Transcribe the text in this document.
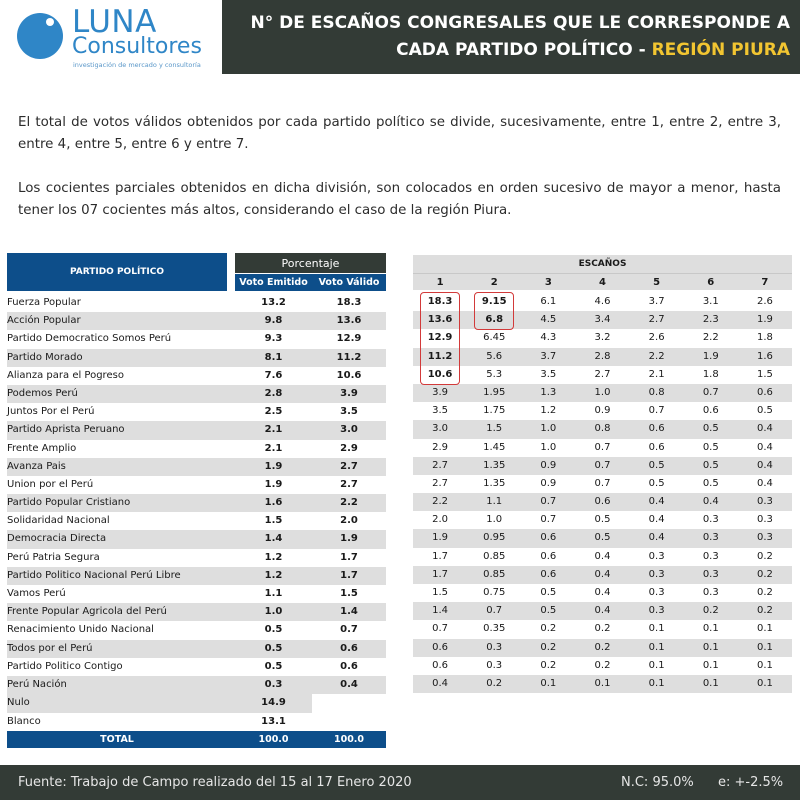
LUNA
Consultores
investigación de mercado y consultoría
N° DE ESCAÑOS CONGRESALES QUE LE CORRESPONDE A
CADA PARTIDO POLÍTICO - REGIÓN PIURA

El total de votos válidos obtenidos por cada partido político se divide, sucesivamente, entre 1, entre 2, entre 3, entre 4, entre 5, entre 6 y entre 7.

Los cocientes parciales obtenidos en dicha división, son colocados en orden sucesivo de mayor a menor, hasta tener los 07 cocientes más altos, considerando el caso de la región Piura.

PARTIDO POLÍTICO
Porcentaje
Voto Emitido	Voto Válido
Fuerza Popular	13.2	18.3
Acción Popular	9.8	13.6
Partido Democratico Somos Perú	9.3	12.9
Partido Morado	8.1	11.2
Alianza para el Pogreso	7.6	10.6
Podemos Perú	2.8	3.9
Juntos Por el Perú	2.5	3.5
Partido Aprista Peruano	2.1	3.0
Frente Amplio	2.1	2.9
Avanza Pais	1.9	2.7
Union por el Perú	1.9	2.7
Partido Popular Cristiano	1.6	2.2
Solidaridad Nacional	1.5	2.0
Democracia Directa	1.4	1.9
Perú Patria Segura	1.2	1.7
Partido Politico Nacional Perú Libre	1.2	1.7
Vamos Perú	1.1	1.5
Frente Popular Agricola del Perú	1.0	1.4
Renacimiento Unido Nacional	0.5	0.7
Todos por el Perú	0.5	0.6
Partido Politico Contigo	0.5	0.6
Perú Nación	0.3	0.4
Nulo	14.9
Blanco	13.1
TOTAL	100.0	100.0
ESCAÑOS
1	2	3	4	5	6	7
18.3	9.15	6.1	4.6	3.7	3.1	2.6
13.6	6.8	4.5	3.4	2.7	2.3	1.9
12.9	6.45	4.3	3.2	2.6	2.2	1.8
11.2	5.6	3.7	2.8	2.2	1.9	1.6
10.6	5.3	3.5	2.7	2.1	1.8	1.5
3.9	1.95	1.3	1.0	0.8	0.7	0.6
3.5	1.75	1.2	0.9	0.7	0.6	0.5
3.0	1.5	1.0	0.8	0.6	0.5	0.4
2.9	1.45	1.0	0.7	0.6	0.5	0.4
2.7	1.35	0.9	0.7	0.5	0.5	0.4
2.7	1.35	0.9	0.7	0.5	0.5	0.4
2.2	1.1	0.7	0.6	0.4	0.4	0.3
2.0	1.0	0.7	0.5	0.4	0.3	0.3
1.9	0.95	0.6	0.5	0.4	0.3	0.3
1.7	0.85	0.6	0.4	0.3	0.3	0.2
1.7	0.85	0.6	0.4	0.3	0.3	0.2
1.5	0.75	0.5	0.4	0.3	0.3	0.2
1.4	0.7	0.5	0.4	0.3	0.2	0.2
0.7	0.35	0.2	0.2	0.1	0.1	0.1
0.6	0.3	0.2	0.2	0.1	0.1	0.1
0.6	0.3	0.2	0.2	0.1	0.1	0.1
0.4	0.2	0.1	0.1	0.1	0.1	0.1
Fuente: Trabajo de Campo realizado del 15 al 17 Enero 2020	N.C: 95.0% e: +-2.5%
